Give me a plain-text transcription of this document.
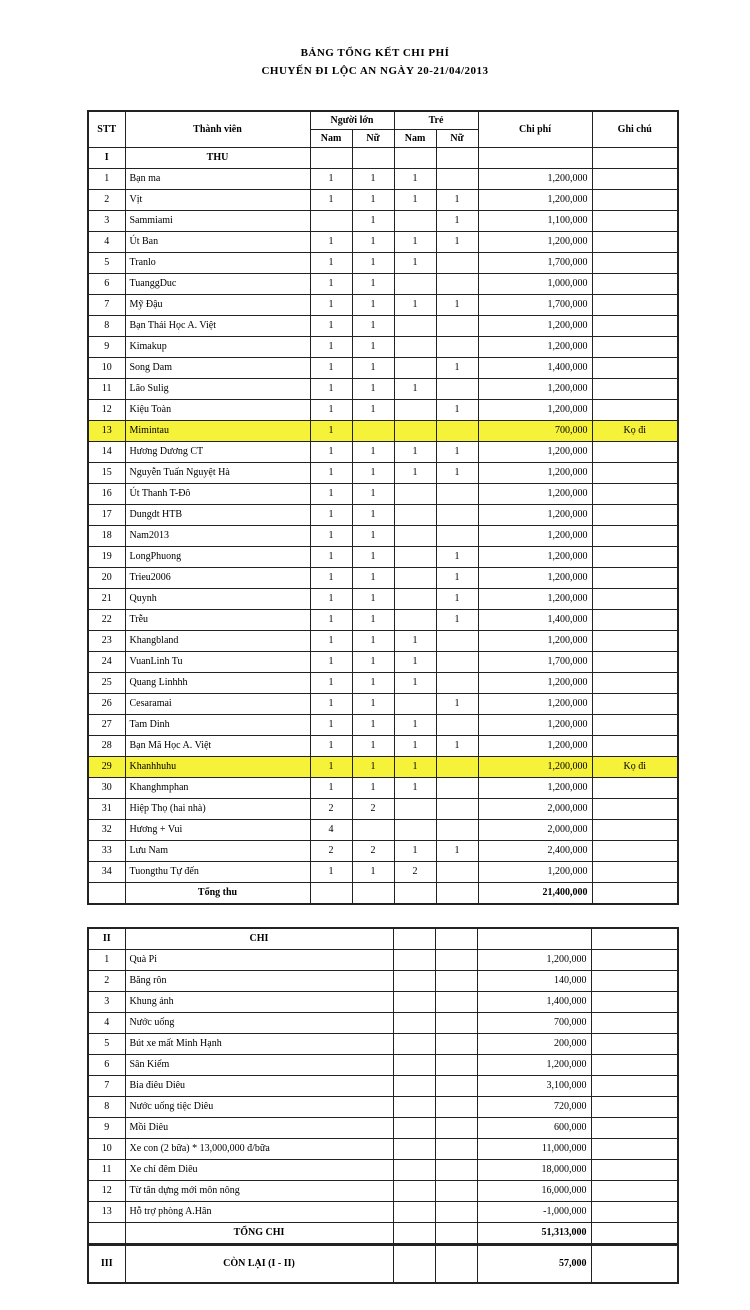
BẢNG TỔNG KẾT CHI PHÍ
CHUYẾN ĐI LỘC AN NGÀY 20-21/04/2013
STT	Thành viên	Người lớn		Trẻ		Chi phí	Ghi chú
		Nam	Nữ	Nam	Nữ		
I	THU						
1	Bạn ma	1	1	1		1,200,000	
2	Vịt	1	1	1	1	1,200,000	
3	Sammiami		1		1	1,100,000	
4	Út Ban	1	1	1	1	1,200,000	
5	Tranlo	1	1	1		1,700,000	
6	TuanggDuc	1	1			1,000,000	
7	Mỹ Đậu	1	1	1	1	1,700,000	
8	Bạn Thái Học A. Việt	1	1			1,200,000	
9	Kimakup	1	1			1,200,000	
10	Song Dam	1	1		1	1,400,000	
11	Lão Sulig	1	1	1		1,200,000	
12	Kiệu Toàn	1	1		1	1,200,000	
13	Mimintau	1				700,000	Kọ đi
14	Hương Dương CT	1	1	1	1	1,200,000	
15	Nguyễn Tuấn Nguyệt Hà	1	1	1	1	1,200,000	
16	Út Thanh T-Đô	1	1			1,200,000	
17	Dungdt HTB	1	1			1,200,000	
18	Nam2013	1	1			1,200,000	
19	LongPhuong	1	1		1	1,200,000	
20	Trieu2006	1	1		1	1,200,000	
21	Quynh	1	1		1	1,200,000	
22	Trễu	1	1		1	1,400,000	
23	Khangbland	1	1	1		1,200,000	
24	VuanLinh Tu	1	1	1		1,700,000	
25	Quang Linhhh	1	1	1		1,200,000	
26	Cesaramai	1	1		1	1,200,000	
27	Tam Dinh	1	1	1		1,200,000	
28	Bạn Mã Học A. Việt	1	1	1	1	1,200,000	
29	Khanhhuhu	1	1	1		1,200,000	Kọ đi
30	Khanghmphan	1	1	1		1,200,000	
31	Hiệp Thọ (hai nhà)	2	2			2,000,000	
32	Hương + Vui	4				2,000,000	
33	Lưu Nam	2	2	1	1	2,400,000	
34	Tuongthu Tự đến	1	1	2		1,200,000	
	Tổng thu					21,400,000	
II	CHI				
1	Quà Pi			1,200,000	
2	Băng rôn			140,000	
3	Khung ảnh			1,400,000	
4	Nước uống			700,000	
5	Bút xe mất Minh Hạnh			200,000	
6	Sân Kiểm			1,200,000	
7	Bia điêu Diêu			3,100,000	
8	Nước uống tiệc Diêu			720,000	
9	Mồi Diêu			600,000	
10	Xe con (2 bữa) * 13,000,000 đ/bữa			11,000,000	
11	Xe chỉ đêm Diêu			18,000,000	
12	Từ tân dựng mới môn nông			16,000,000	
13	Hỗ trợ phòng A.Hân			-1,000,000	
	TỔNG CHI			51,313,000	
III	CÒN LẠI (I - II)			57,000	
